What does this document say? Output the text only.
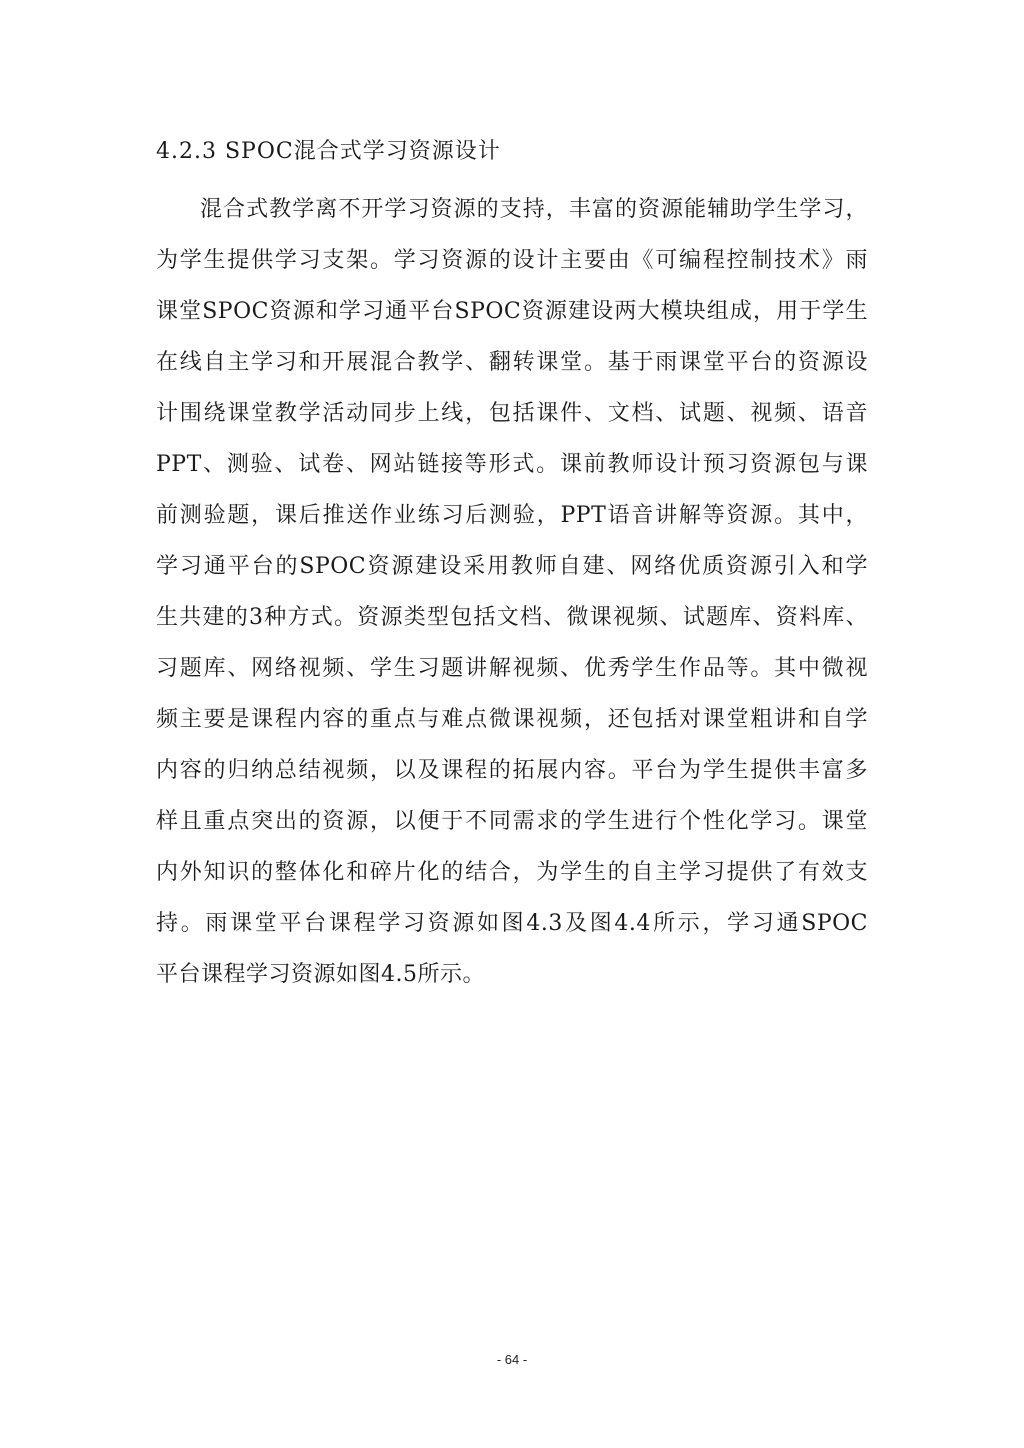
4.2.3 SPOC混合式学习资源设计
混合式教学离不开学习资源的支持，丰富的资源能辅助学生学习，
为学生提供学习支架。学习资源的设计主要由《可编程控制技术》雨
课堂SPOC资源和学习通平台SPOC资源建设两大模块组成，用于学生
在线自主学习和开展混合教学、翻转课堂。基于雨课堂平台的资源设
计围绕课堂教学活动同步上线，包括课件、文档、试题、视频、语音
PPT、测验、试卷、网站链接等形式。课前教师设计预习资源包与课
前测验题，课后推送作业练习后测验，PPT语音讲解等资源。其中，
学习通平台的SPOC资源建设采用教师自建、网络优质资源引入和学
生共建的3种方式。资源类型包括文档、微课视频、试题库、资料库、
习题库、网络视频、学生习题讲解视频、优秀学生作品等。其中微视
频主要是课程内容的重点与难点微课视频，还包括对课堂粗讲和自学
内容的归纳总结视频，以及课程的拓展内容。平台为学生提供丰富多
样且重点突出的资源，以便于不同需求的学生进行个性化学习。课堂
内外知识的整体化和碎片化的结合，为学生的自主学习提供了有效支
持。雨课堂平台课程学习资源如图4.3及图4.4所示，学习通SPOC
平台课程学习资源如图4.5所示。
- 64 -
